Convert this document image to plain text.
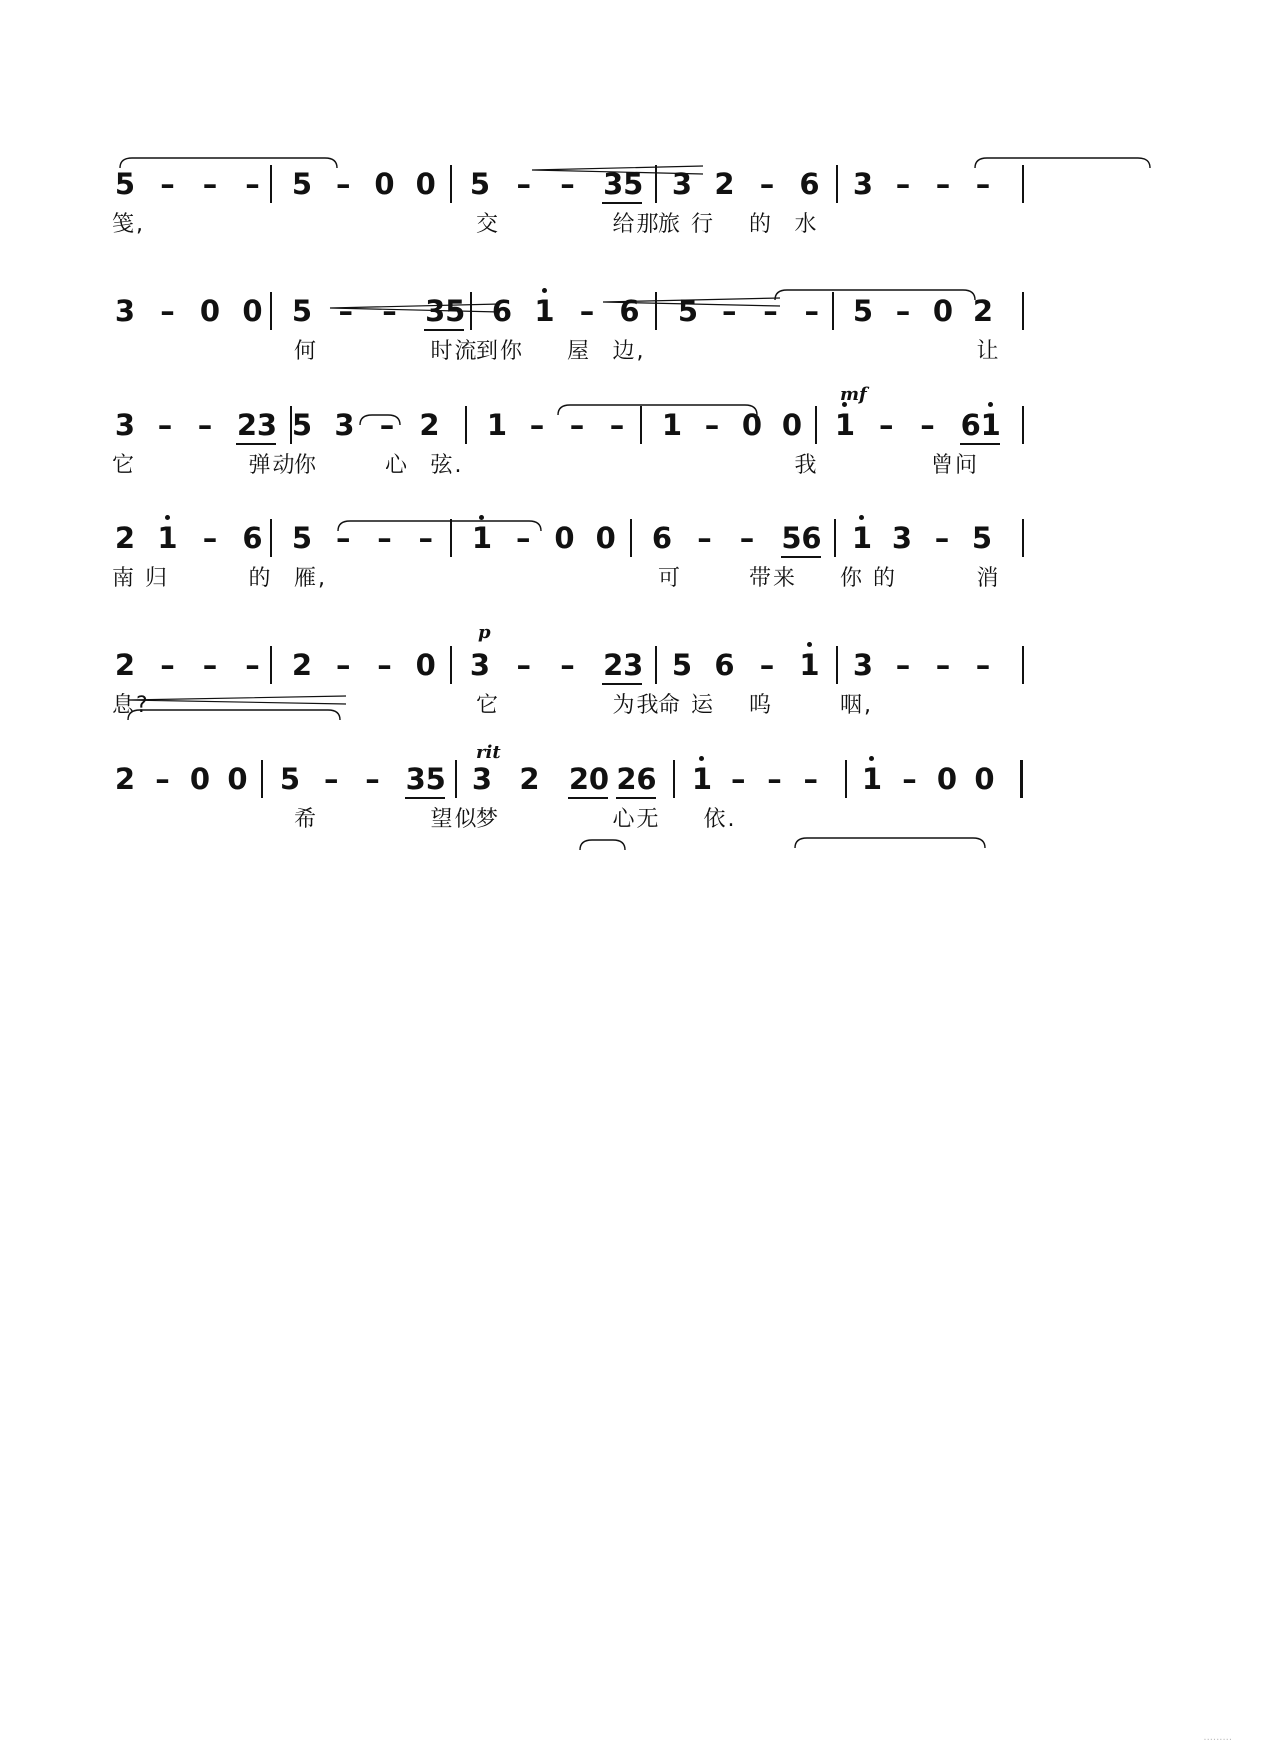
5 – – – 5 – 0 0 5 – – 3 5 3 2 – 6 3 – – –
笺,	交	给那
旅 行 的 水
3 – 0 0 5 – – 3 5 6 1 – 6 5 – – – 5 – 0 2
何	时流
到你 屋 边,	让
3 – – 2 3 5 3 – 2 1 – – – 1 – 0 0 1 – – 6 1
它	弹动
你	心 弦.	我	曾问
mf
2 1 – 6 5 – – – 1 – 0 0 6 – – 5 6 1 3 – 5
南 归	的 雁,	可	带来 你 的	消
2 – – – 2 – – 0 3 – – 2 3 5 6 – 1 3 – – –
息?	它	为我
命 运 呜	咽,
p
2 – 0 0 5 – – 3 5 3 2 2 0 2 6 1 – – – 1 – 0 0
希	望似
梦	心无 依.
rit
.........
